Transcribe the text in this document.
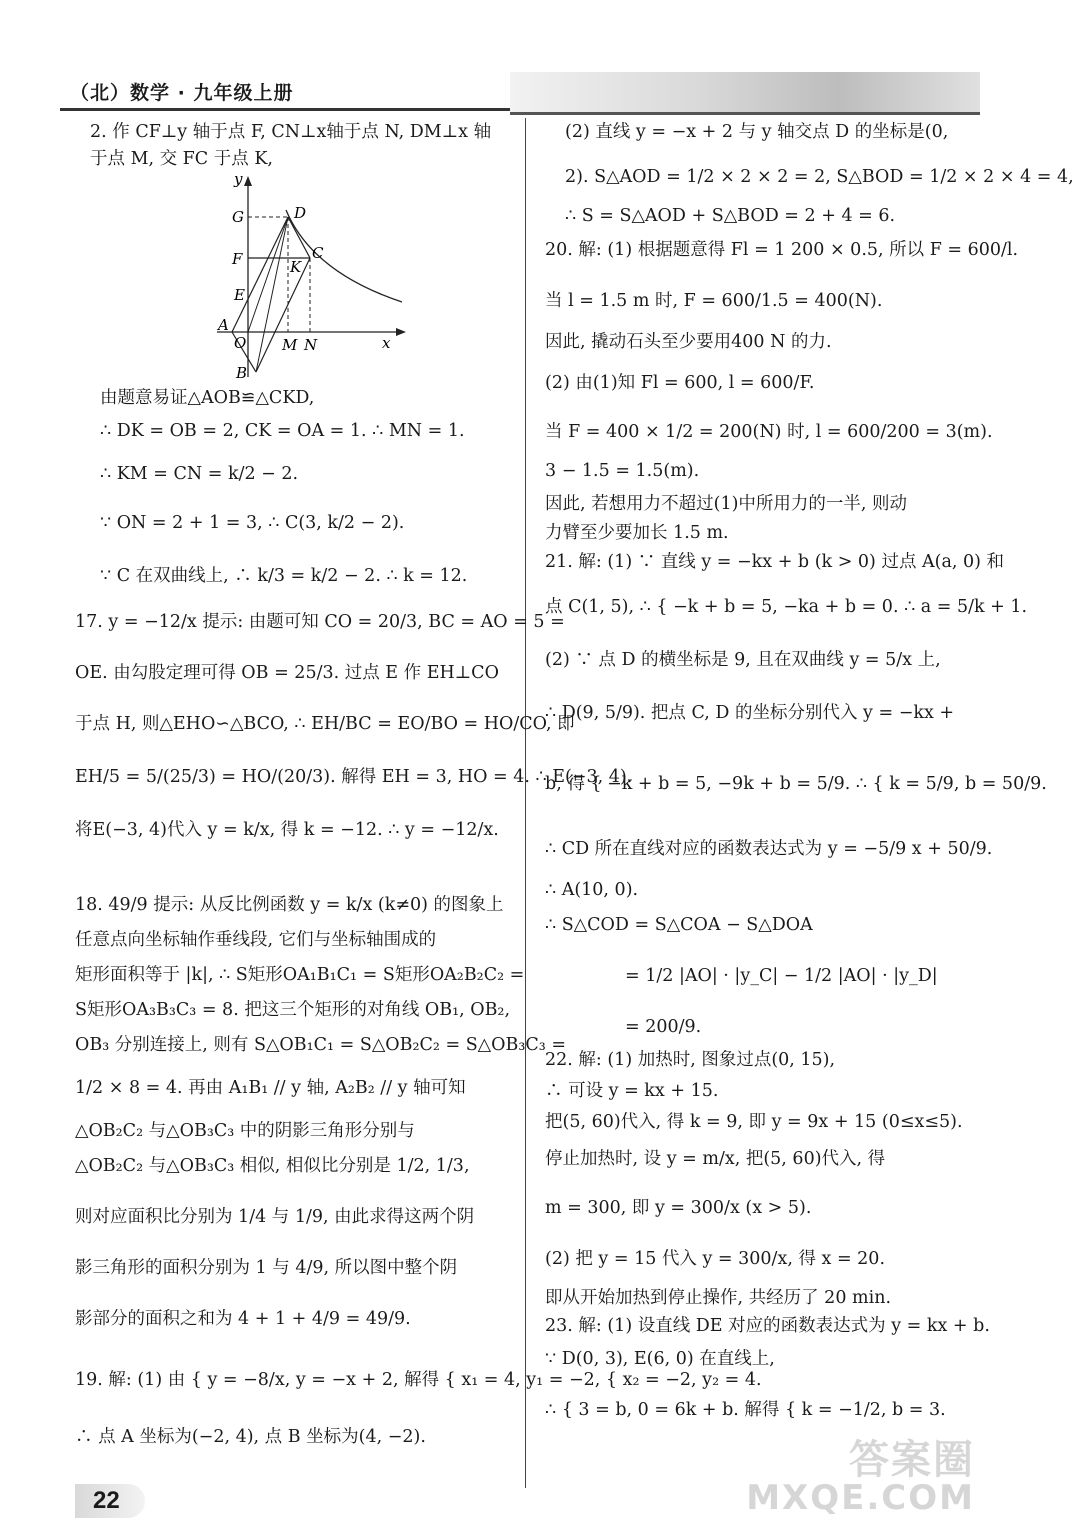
（北）数学 · 九年级上册

2. 作 CF⊥y 轴于点 F, CN⊥x轴于点 N, DM⊥x 轴

于点 M, 交 FC 于点 K,

y
G	D
F	C
K
E
A
O M N	x
B

由题意易证△AOB≌△CKD,

∴ DK = OB = 2, CK = OA = 1. ∴ MN = 1.

∴ KM = CN = k/2 − 2.

∵ ON = 2 + 1 = 3, ∴ C(3, k/2 − 2).

∵ C 在双曲线上, ∴ k/3 = k/2 − 2. ∴ k = 12.

17. y = −12/x 提示: 由题可知 CO = 20/3, BC = AO = 5 =

OE. 由勾股定理可得 OB = 25/3. 过点 E 作 EH⊥CO

于点 H, 则△EHO∽△BCO, ∴ EH/BC = EO/BO = HO/CO, 即

EH/5 = 5/(25/3) = HO/(20/3). 解得 EH = 3, HO = 4. ∴ E(−3, 4).

将E(−3, 4)代入 y = k/x, 得 k = −12. ∴ y = −12/x.

18. 49/9 提示: 从反比例函数 y = k/x (k≠0) 的图象上

任意点向坐标轴作垂线段, 它们与坐标轴围成的

矩形面积等于 |k|, ∴ S矩形OA₁B₁C₁ = S矩形OA₂B₂C₂ =

S矩形OA₃B₃C₃ = 8. 把这三个矩形的对角线 OB₁, OB₂,

OB₃ 分别连接上, 则有 S△OB₁C₁ = S△OB₂C₂ = S△OB₃C₃ =

1/2 × 8 = 4. 再由 A₁B₁ // y 轴, A₂B₂ // y 轴可知

△OB₂C₂ 与△OB₃C₃ 中的阴影三角形分别与

△OB₂C₂ 与△OB₃C₃ 相似, 相似比分别是 1/2, 1/3,

则对应面积比分别为 1/4 与 1/9, 由此求得这两个阴

影三角形的面积分别为 1 与 4/9, 所以图中整个阴

影部分的面积之和为 4 + 1 + 4/9 = 49/9.

19. 解: (1) 由 { y = −8/x, y = −x + 2, 解得 { x₁ = 4, y₁ = −2, { x₂ = −2, y₂ = 4.

∴ 点 A 坐标为(−2, 4), 点 B 坐标为(4, −2).

(2) 直线 y = −x + 2 与 y 轴交点 D 的坐标是(0,

2). S△AOD = 1/2 × 2 × 2 = 2, S△BOD = 1/2 × 2 × 4 = 4,

∴ S = S△AOD + S△BOD = 2 + 4 = 6.

20. 解: (1) 根据题意得 Fl = 1 200 × 0.5, 所以 F = 600/l.

当 l = 1.5 m 时, F = 600/1.5 = 400(N).

因此, 撬动石头至少要用400 N 的力.

(2) 由(1)知 Fl = 600, l = 600/F.

当 F = 400 × 1/2 = 200(N) 时, l = 600/200 = 3(m).

3 − 1.5 = 1.5(m).

因此, 若想用力不超过(1)中所用力的一半, 则动

力臂至少要加长 1.5 m.

21. 解: (1) ∵ 直线 y = −kx + b (k > 0) 过点 A(a, 0) 和

点 C(1, 5), ∴ { −k + b = 5, −ka + b = 0. ∴ a = 5/k + 1.

(2) ∵ 点 D 的横坐标是 9, 且在双曲线 y = 5/x 上,

∴ D(9, 5/9). 把点 C, D 的坐标分别代入 y = −kx +

b, 得 { −k + b = 5, −9k + b = 5/9. ∴ { k = 5/9, b = 50/9.

∴ CD 所在直线对应的函数表达式为 y = −5/9 x + 50/9.

∴ A(10, 0).

∴ S△COD = S△COA − S△DOA

= 1/2 |AO| · |y_C| − 1/2 |AO| · |y_D|

= 200/9.

22. 解: (1) 加热时, 图象过点(0, 15),

∴ 可设 y = kx + 15.

把(5, 60)代入, 得 k = 9, 即 y = 9x + 15 (0≤x≤5).

停止加热时, 设 y = m/x, 把(5, 60)代入, 得

m = 300, 即 y = 300/x (x > 5).

(2) 把 y = 15 代入 y = 300/x, 得 x = 20.

即从开始加热到停止操作, 共经历了 20 min.

23. 解: (1) 设直线 DE 对应的函数表达式为 y = kx + b.

∵ D(0, 3), E(6, 0) 在直线上,

∴ { 3 = b, 0 = 6k + b. 解得 { k = −1/2, b = 3.

22
答案圈
MXQE.COM
